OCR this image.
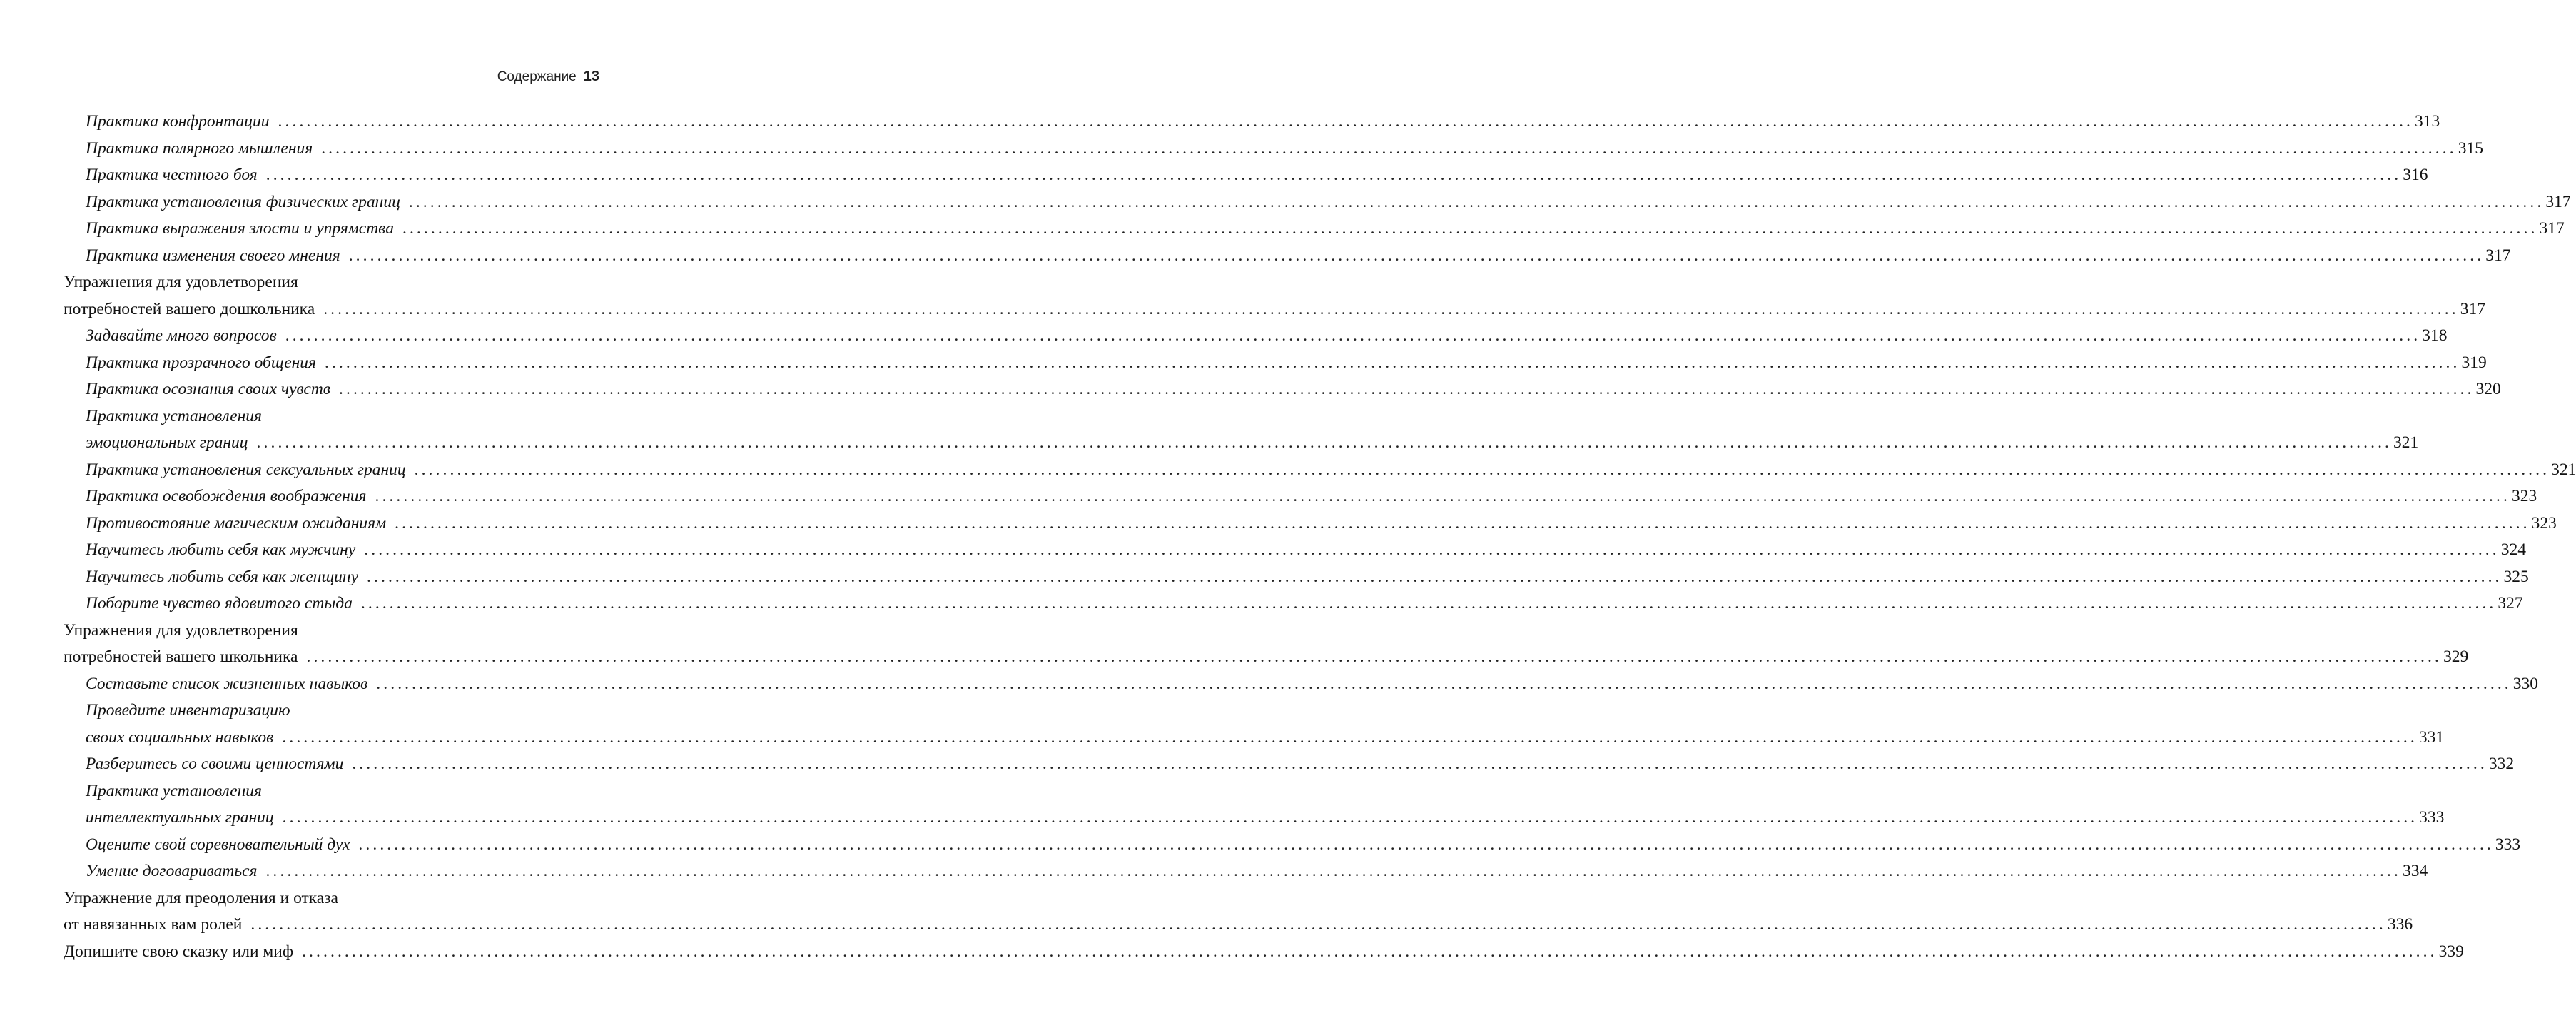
Содержание 13
Практика конфронтации ............................................................................................................................................................................................................................................................................................................ 313
Практика полярного мышления ............................................................................................................................................................................................................................................................................................................ 315
Практика честного боя ............................................................................................................................................................................................................................................................................................................ 316
Практика установления физических границ ............................................................................................................................................................................................................................................................................................................ 317
Практика выражения злости и упрямства ............................................................................................................................................................................................................................................................................................................ 317
Практика изменения своего мнения ............................................................................................................................................................................................................................................................................................................ 317
Упражнения для удовлетворения
потребностей вашего дошкольника ............................................................................................................................................................................................................................................................................................................ 317
Задавайте много вопросов ............................................................................................................................................................................................................................................................................................................ 318
Практика прозрачного общения ............................................................................................................................................................................................................................................................................................................ 319
Практика осознания своих чувств ............................................................................................................................................................................................................................................................................................................ 320
Практика установления
эмоциональных границ ............................................................................................................................................................................................................................................................................................................ 321
Практика установления сексуальных границ ............................................................................................................................................................................................................................................................................................................ 321
Практика освобождения воображения ............................................................................................................................................................................................................................................................................................................ 323
Противостояние магическим ожиданиям ............................................................................................................................................................................................................................................................................................................ 323
Научитесь любить себя как мужчину ............................................................................................................................................................................................................................................................................................................ 324
Научитесь любить себя как женщину ............................................................................................................................................................................................................................................................................................................ 325
Поборите чувство ядовитого стыда ............................................................................................................................................................................................................................................................................................................ 327
Упражнения для удовлетворения
потребностей вашего школьника ............................................................................................................................................................................................................................................................................................................ 329
Составьте список жизненных навыков ............................................................................................................................................................................................................................................................................................................ 330
Проведите инвентаризацию
своих социальных навыков ............................................................................................................................................................................................................................................................................................................ 331
Разберитесь со своими ценностями ............................................................................................................................................................................................................................................................................................................ 332
Практика установления
интеллектуальных границ ............................................................................................................................................................................................................................................................................................................ 333
Оцените свой соревновательный дух ............................................................................................................................................................................................................................................................................................................ 333
Умение договариваться ............................................................................................................................................................................................................................................................................................................ 334
Упражнение для преодоления и отказа
от навязанных вам ролей ............................................................................................................................................................................................................................................................................................................ 336
Допишите свою сказку или миф ............................................................................................................................................................................................................................................................................................................ 339
